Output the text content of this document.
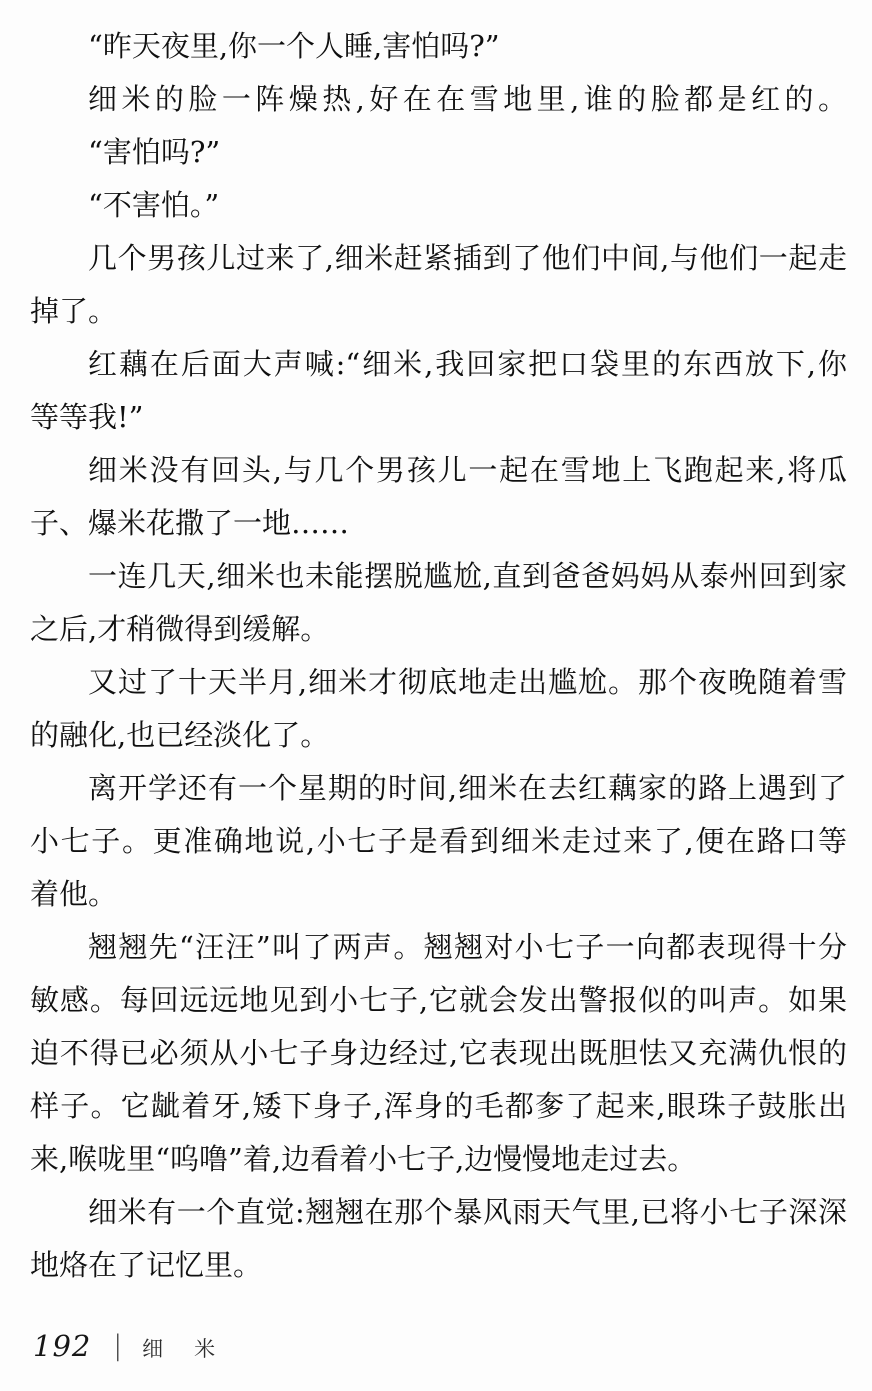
“昨天夜里,你一个人睡,害怕吗?”

细米的脸一阵燥热,好在在雪地里,谁的脸都是红的。

“害怕吗?”

“不害怕。”

几个男孩儿过来了,细米赶紧插到了他们中间,与他们一起走

掉了。

红藕在后面大声喊:“细米,我回家把口袋里的东西放下,你

等等我!”

细米没有回头,与几个男孩儿一起在雪地上飞跑起来,将瓜

子、爆米花撒了一地……

一连几天,细米也未能摆脱尴尬,直到爸爸妈妈从泰州回到家

之后,才稍微得到缓解。

又过了十天半月,细米才彻底地走出尴尬。那个夜晚随着雪

的融化,也已经淡化了。

离开学还有一个星期的时间,细米在去红藕家的路上遇到了

小七子。更准确地说,小七子是看到细米走过来了,便在路口等

着他。

翘翘先“汪汪”叫了两声。翘翘对小七子一向都表现得十分

敏感。每回远远地见到小七子,它就会发出警报似的叫声。如果

迫不得已必须从小七子身边经过,它表现出既胆怯又充满仇恨的

样子。它龇着牙,矮下身子,浑身的毛都奓了起来,眼珠子鼓胀出

来,喉咙里“呜噜”着,边看着小七子,边慢慢地走过去。

细米有一个直觉:翘翘在那个暴风雨天气里,已将小七子深深

地烙在了记忆里。

192 | 细米
